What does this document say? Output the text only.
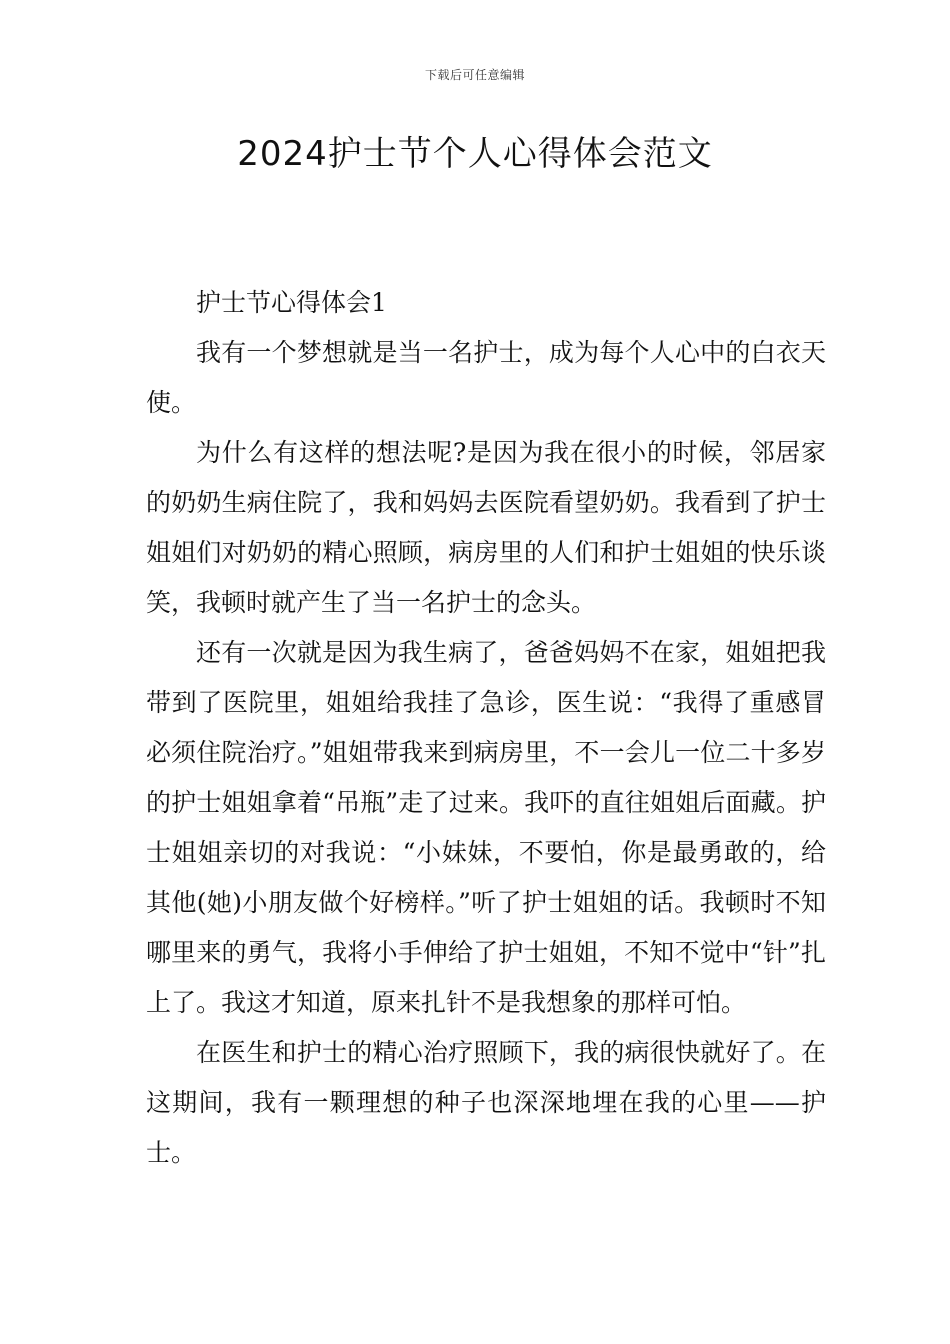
下载后可任意编辑
2024护士节个人心得体会范文

护士节心得体会1

我有一个梦想就是当一名护士，成为每个人心中的白衣天使。

为什么有这样的想法呢?是因为我在很小的时候，邻居家的奶奶生病住院了，我和妈妈去医院看望奶奶。我看到了护士姐姐们对奶奶的精心照顾，病房里的人们和护士姐姐的快乐谈笑，我顿时就产生了当一名护士的念头。

还有一次就是因为我生病了，爸爸妈妈不在家，姐姐把我带到了医院里，姐姐给我挂了急诊，医生说：“我得了重感冒必须住院治疗。”姐姐带我来到病房里，不一会儿一位二十多岁的护士姐姐拿着“吊瓶”走了过来。我吓的直往姐姐后面藏。护士姐姐亲切的对我说：“小妹妹，不要怕，你是最勇敢的，给其他(她)小朋友做个好榜样。”听了护士姐姐的话。我顿时不知哪里来的勇气，我将小手伸给了护士姐姐，不知不觉中“针”扎上了。我这才知道，原来扎针不是我想象的那样可怕。

在医生和护士的精心治疗照顾下，我的病很快就好了。在这期间，我有一颗理想的种子也深深地埋在我的心里——护士。
